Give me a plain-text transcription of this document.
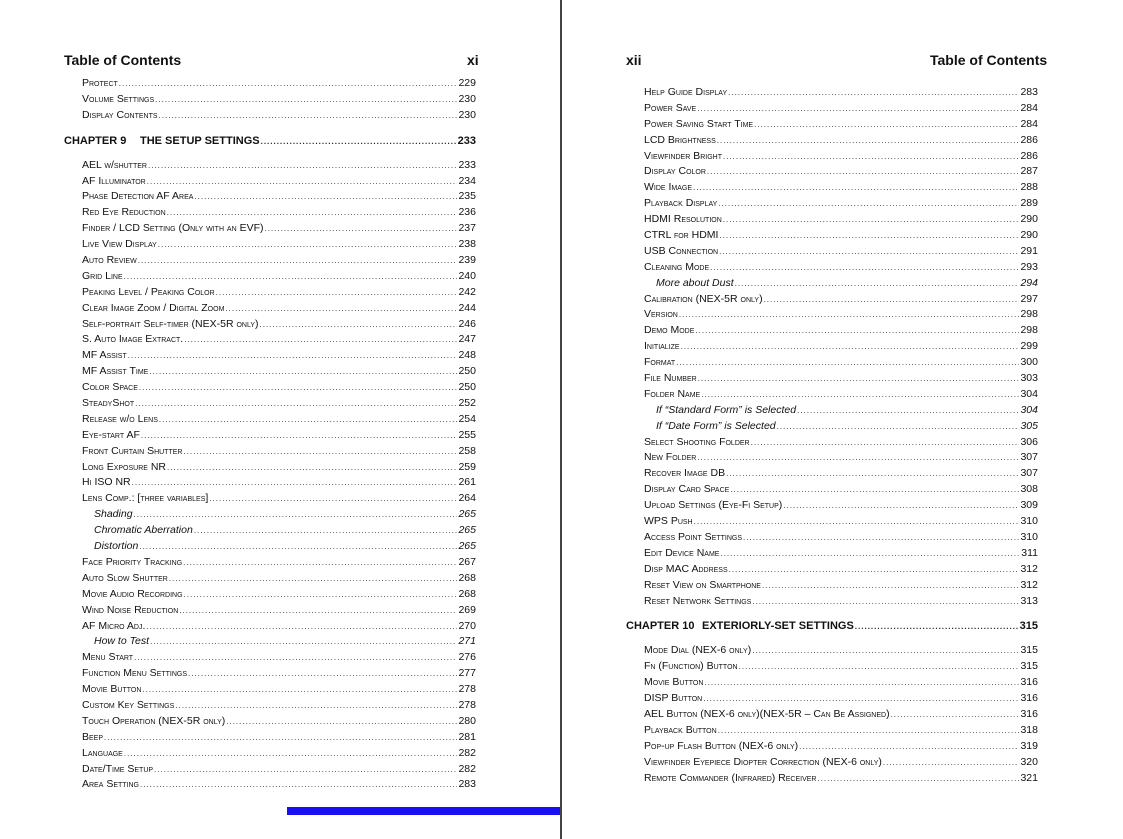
Table of Contents	xi
Protect .....	229
Volume Settings .....	230
Display Contents .....	230
CHAPTER 9 THE SETUP SETTINGS .....	233
AEL w/shutter .....	233
AF Illuminator .....	234
Phase Detection AF Area .....	235
Red Eye Reduction .....	236
Finder / LCD Setting (Only with an EVF) .....	237
Live View Display .....	238
Auto Review .....	239
Grid Line .....	240
Peaking Level / Peaking Color .....	242
Clear Image Zoom / Digital Zoom .....	244
Self-portrait Self-timer (NEX-5R only) .....	246
S. Auto Image Extract. .....	247
MF Assist .....	248
MF Assist Time .....	250
Color Space .....	250
SteadyShot .....	252
Release w/o Lens .....	254
Eye-start AF .....	255
Front Curtain Shutter .....	258
Long Exposure NR .....	259
Hi ISO NR .....	261
Lens Comp.: [three variables] .....	264
Shading .....	265
Chromatic Aberration .....	265
Distortion .....	265
Face Priority Tracking .....	267
Auto Slow Shutter .....	268
Movie Audio Recording .....	268
Wind Noise Reduction .....	269
AF Micro Adj. .....	270
How to Test .....	271
Menu Start .....	276
Function Menu Settings .....	277
Movie Button .....	278
Custom Key Settings .....	278
Touch Operation (NEX-5R only) .....	280
Beep .....	281
Language .....	282
Date/Time Setup .....	282
Area Setting .....	283
xii	Table of Contents
Help Guide Display .....	283
Power Save .....	284
Power Saving Start Time .....	284
LCD Brightness .....	286
Viewfinder Bright .....	286
Display Color .....	287
Wide Image .....	288
Playback Display .....	289
HDMI Resolution .....	290
CTRL for HDMI .....	290
USB Connection .....	291
Cleaning Mode .....	293
More about Dust .....	294
Calibration (NEX-5R only) .....	297
Version .....	298
Demo Mode .....	298
Initialize .....	299
Format .....	300
File Number .....	303
Folder Name .....	304
If “Standard Form” is Selected .....	304
If “Date Form” is Selected .....	305
Select Shooting Folder .....	306
New Folder .....	307
Recover Image DB .....	307
Display Card Space .....	308
Upload Settings (Eye-Fi Setup) .....	309
WPS Push .....	310
Access Point Settings .....	310
Edit Device Name .....	311
Disp MAC Address .....	312
Reset View on Smartphone .....	312
Reset Network Settings .....	313
CHAPTER 10 EXTERIORLY-SET SETTINGS .....	315
Mode Dial (NEX-6 only) .....	315
Fn (Function) Button .....	315
Movie Button .....	316
DISP Button .....	316
AEL Button (NEX-6 only)(NEX-5R – Can Be Assigned) .....	316
Playback Button .....	318
Pop-up Flash Button (NEX-6 only) .....	319
Viewfinder Eyepiece Diopter Correction (NEX-6 only) .....	320
Remote Commander (Infrared) Receiver .....	321
